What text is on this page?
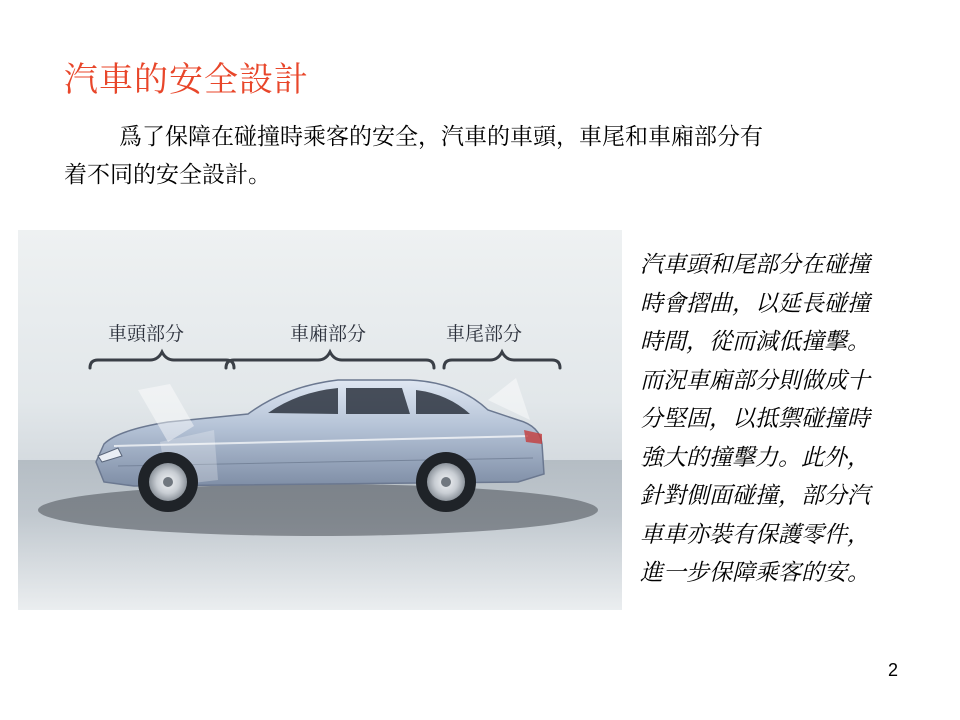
汽車的安全設計
爲了保障在碰撞時乘客的安全，汽車的車頭，車尾和車廂部分有
着不同的安全設計。
車頭部分	車廂部分	車尾部分
汽車頭和尾部分在碰撞
時會摺曲，以延長碰撞
時間，從而減低撞擊。
而況車廂部分則做成十
分堅固，以抵禦碰撞時
強大的撞擊力。此外，
針對側面碰撞，部分汽
車車亦裝有保護零件，
進一步保障乘客的安。
2
